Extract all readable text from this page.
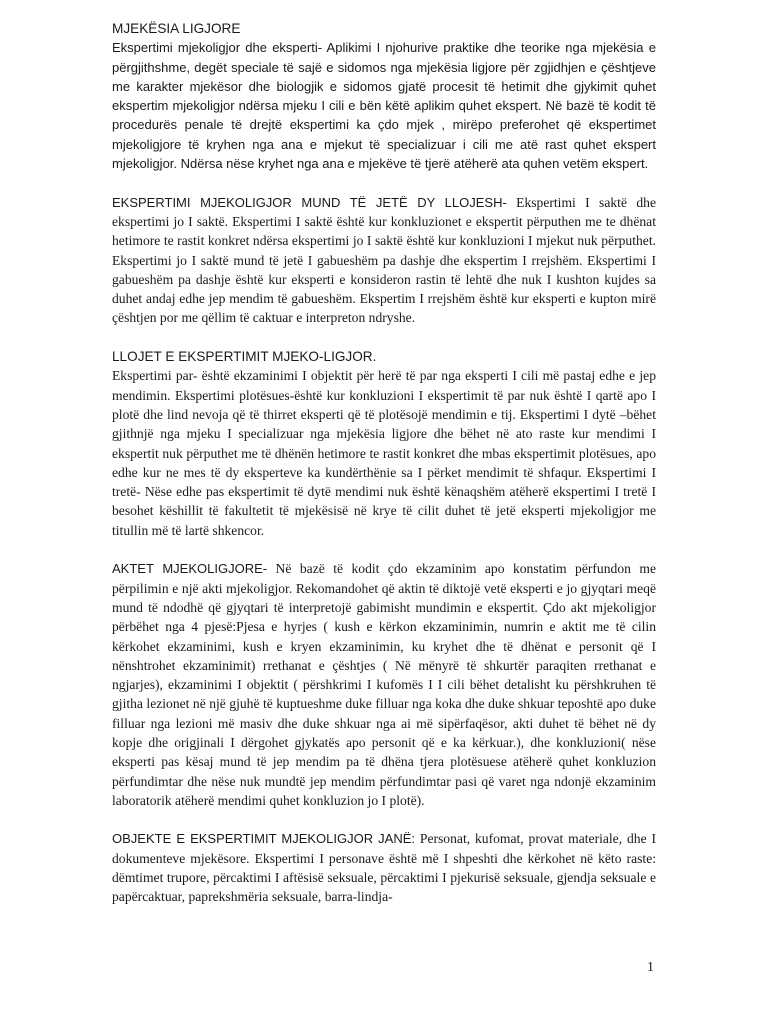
MJEKËSIA LIGJORE
Ekspertimi mjekoligjor dhe eksperti- Aplikimi I njohurive praktike dhe teorike nga mjekësia e përgjithshme, degët speciale të sajë e sidomos nga mjekësia ligjore për zgjidhjen e çështjeve me karakter mjekësor dhe biologjik e sidomos gjatë procesit të hetimit dhe gjykimit quhet ekspertim mjekoligjor ndërsa mjeku I cili e bën këtë aplikim quhet ekspert. Në bazë të kodit të procedurës penale të drejtë ekspertimi ka çdo mjek , mirëpo preferohet që ekspertimet mjekoligjore të kryhen nga ana e mjekut të specializuar i cili me atë rast quhet ekspert mjekoligjor. Ndërsa nëse kryhet nga ana e mjekëve të tjerë atëherë ata quhen vetëm ekspert.

EKSPERTIMI MJEKOLIGJOR MUND TË JETË DY LLOJESH- Ekspertimi I saktë dhe ekspertimi jo I saktë. Ekspertimi I saktë është kur konkluzionet e ekspertit përputhen me te dhënat hetimore te rastit konkret ndërsa ekspertimi jo I saktë është kur konkluzioni I mjekut nuk përputhet. Ekspertimi jo I saktë mund të jetë I gabueshëm pa dashje dhe ekspertim I rrejshëm. Ekspertimi I gabueshëm pa dashje është kur eksperti e konsideron rastin të lehtë dhe nuk I kushton kujdes sa duhet andaj edhe jep mendim të gabueshëm. Ekspertim I rrejshëm është kur eksperti e kupton mirë çështjen por me qëllim të caktuar e interpreton ndryshe.

LLOJET E EKSPERTIMIT MJEKO-LIGJOR.
Ekspertimi par- është ekzaminimi I objektit për herë të par nga eksperti I cili më pastaj edhe e jep mendimin. Ekspertimi plotësues-është kur konkluzioni I ekspertimit të par nuk është I qartë apo I plotë dhe lind nevoja që të thirret eksperti që të plotësojë mendimin e tij. Ekspertimi I dytë –bëhet gjithnjë nga mjeku I specializuar nga mjekësia ligjore dhe bëhet në ato raste kur mendimi I ekspertit nuk përputhet me të dhënën hetimore te rastit konkret dhe mbas ekspertimit plotësues, apo edhe kur ne mes të dy eksperteve ka kundërthënie sa I përket mendimit të shfaqur. Ekspertimi I tretë- Nëse edhe pas ekspertimit të dytë mendimi nuk është kënaqshëm atëherë ekspertimi I tretë I besohet këshillit të fakultetit të mjekësisë në krye të cilit duhet të jetë eksperti mjekoligjor me titullin më të lartë shkencor.

AKTET MJEKOLIGJORE- Në bazë të kodit çdo ekzaminim apo konstatim përfundon me përpilimin e një akti mjekoligjor. Rekomandohet që aktin të diktojë vetë eksperti e jo gjyqtari meqë mund të ndodhë që gjyqtari të interpretojë gabimisht mundimin e ekspertit. Çdo akt mjekoligjor përbëhet nga 4 pjesë:Pjesa e hyrjes ( kush e kërkon ekzaminimin, numrin e aktit me të cilin kërkohet ekzaminimi, kush e kryen ekzaminimin, ku kryhet dhe të dhënat e personit që I nënshtrohet ekzaminimit) rrethanat e çështjes ( Në mënyrë të shkurtër paraqiten rrethanat e ngjarjes), ekzaminimi I objektit ( përshkrimi I kufomës I I cili bëhet detalisht ku përshkruhen të gjitha lezionet në një gjuhë të kuptueshme duke filluar nga koka dhe duke shkuar teposhtë apo duke filluar nga lezioni më masiv dhe duke shkuar nga ai më sipërfaqësor, akti duhet të bëhet në dy kopje dhe origjinali I dërgohet gjykatës apo personit që e ka kërkuar.), dhe konkluzioni( nëse eksperti pas kësaj mund të jep mendim pa të dhëna tjera plotësuese atëherë quhet konkluzion përfundimtar dhe nëse nuk mundtë jep mendim përfundimtar pasi që varet nga ndonjë ekzaminim laboratorik atëherë mendimi quhet konkluzion jo I plotë).

OBJEKTE E EKSPERTIMIT MJEKOLIGJOR JANË: Personat, kufomat, provat materiale, dhe I dokumenteve mjekësore. Ekspertimi I personave është më I shpeshti dhe kërkohet në këto raste: dëmtimet trupore, përcaktimi I aftësisë seksuale, përcaktimi I pjekurisë seksuale, gjendja seksuale e papërcaktuar, paprekshmëria seksuale, barra-lindja-

1
